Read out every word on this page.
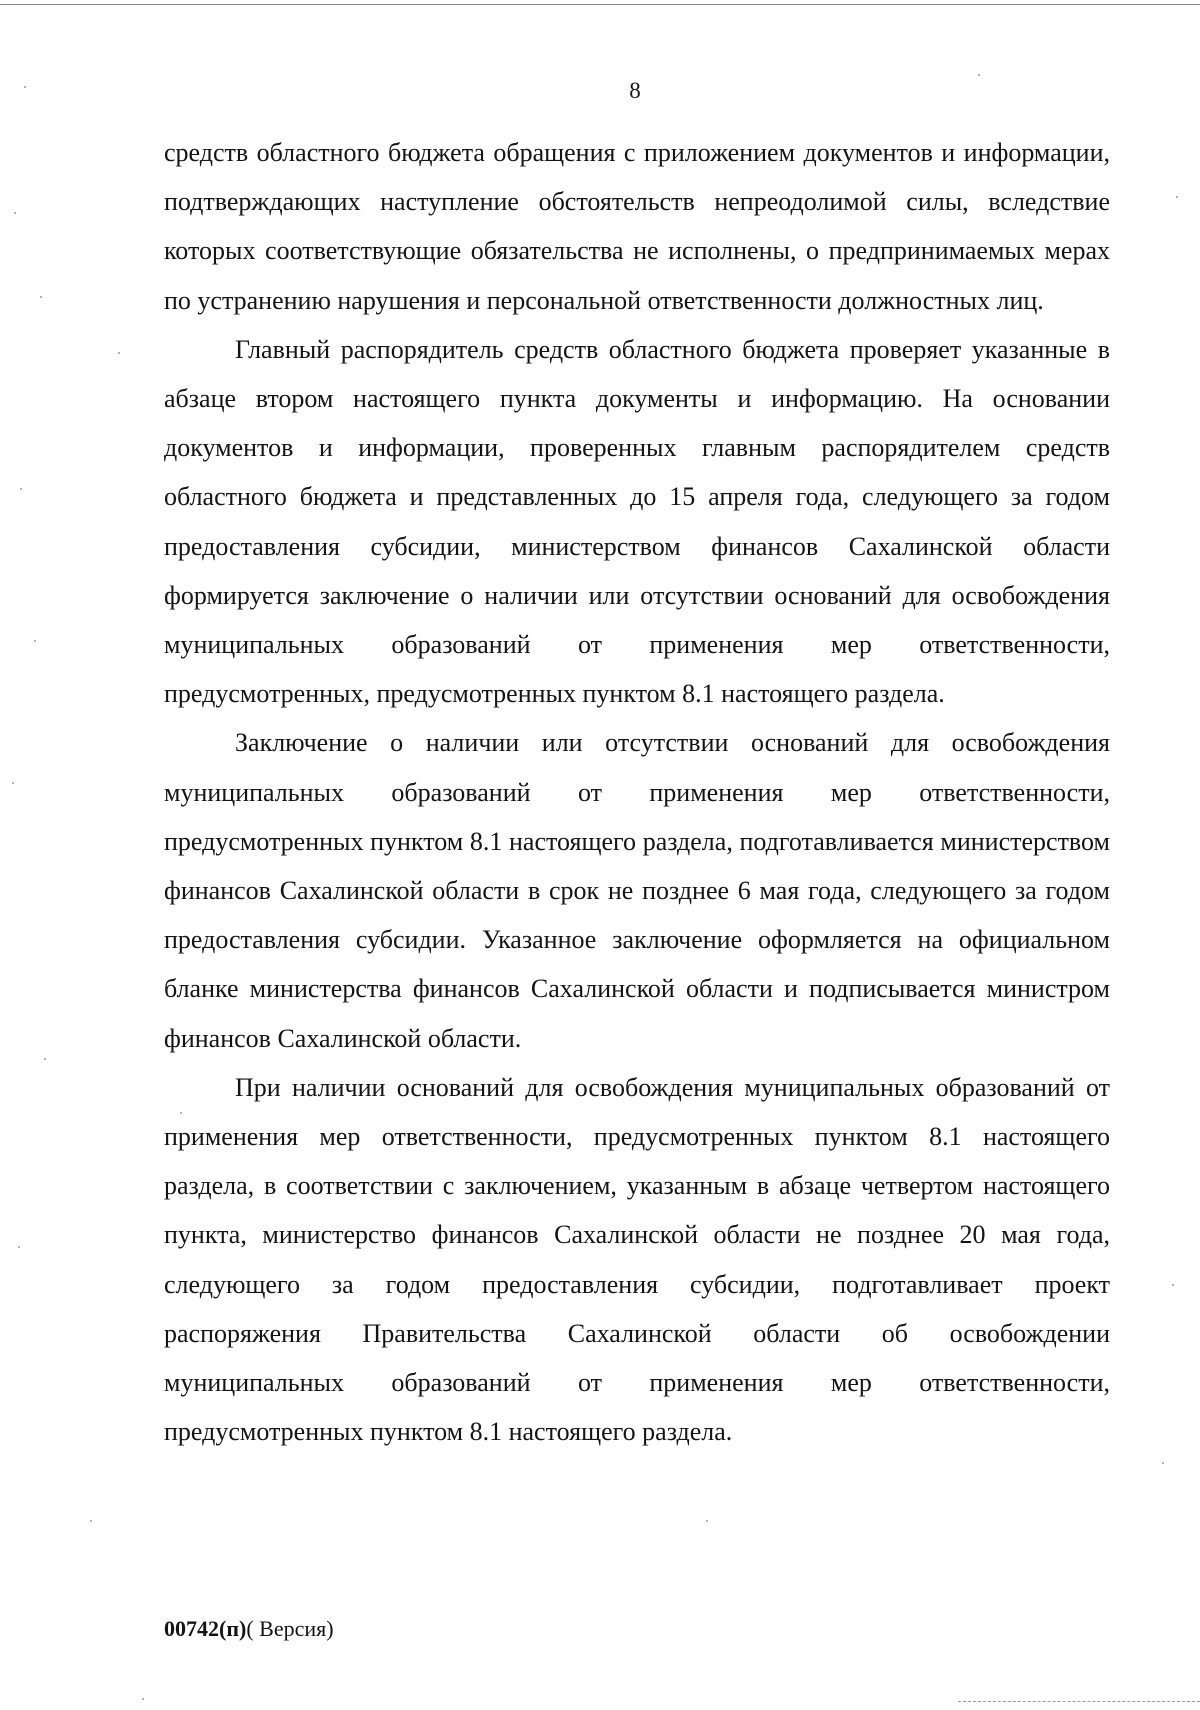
8

средств областного бюджета обращения с приложением документов и информации, подтверждающих наступление обстоятельств непреодолимой силы, вследствие которых соответствующие обязательства не исполнены, о предпринимаемых мерах по устранению нарушения и персональной ответственности должностных лиц.

Главный распорядитель средств областного бюджета проверяет указанные в абзаце втором настоящего пункта документы и информацию. На основании документов и информации, проверенных главным распорядителем средств областного бюджета и представленных до 15 апреля года, следующего за годом предоставления субсидии, министерством финансов Сахалинской области формируется заключение о наличии или отсутствии оснований для освобождения муниципальных образований от применения мер ответственности, предусмотренных, предусмотренных пунктом 8.1 настоящего раздела.

Заключение о наличии или отсутствии оснований для освобождения муниципальных образований от применения мер ответственности, предусмотренных пунктом 8.1 настоящего раздела, подготавливается министерством финансов Сахалинской области в срок не позднее 6 мая года, следующего за годом предоставления субсидии. Указанное заключение оформляется на официальном бланке министерства финансов Сахалинской области и подписывается министром финансов Сахалинской области.

При наличии оснований для освобождения муниципальных образований от применения мер ответственности, предусмотренных пунктом 8.1 настоящего раздела, в соответствии с заключением, указанным в абзаце четвертом настоящего пункта, министерство финансов Сахалинской области не позднее 20 мая года, следующего за годом предоставления субсидии, подготавливает проект распоряжения Правительства Сахалинской области об освобождении муниципальных образований от применения мер ответственности, предусмотренных пунктом 8.1 настоящего раздела.

00742(п)( Версия)
